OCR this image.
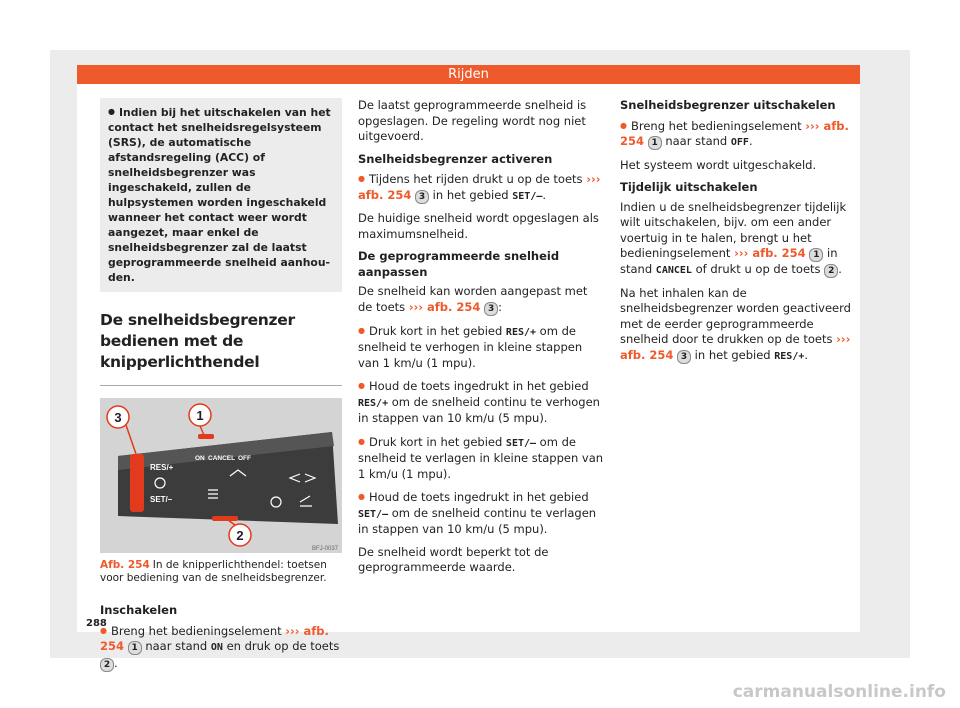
Rijden
● Indien bij het uitschakelen van het contact het snelheidsregelsysteem (SRS), de automatische afstandsregeling (ACC) of snelheidsbegrenzer was ingeschakeld, zullen de hulpsystemen worden ingeschakeld wanneer het contact weer wordt aangezet, maar enkel de snelheidsbegrenzer zal de laatst geprogrammeerde snelheid aanhouden.
De snelheidsbegrenzer bedienen met de knipperlichthendel
RES/+
SET/–
ON CANCEL OFF
3	1
2
BFJ-0037
Afb. 254 In de knipperlichthendel: toetsen voor bediening van de snelheidsbegrenzer.
Inschakelen

● Breng het bedieningselement ››› afb. 254 1 naar stand ON en druk op de toets 2 .

De laatst geprogrammeerde snelheid is opgeslagen. De regeling wordt nog niet uitgevoerd.

Snelheidsbegrenzer activeren

● Tijdens het rijden drukt u op de toets ››› afb. 254 3 in het gebied SET/–.

De huidige snelheid wordt opgeslagen als maximumsnelheid.

De geprogrammeerde snelheid aanpassen

De snelheid kan worden aangepast met de toets ››› afb. 254 3 :

● Druk kort in het gebied RES/+ om de snelheid te verhogen in kleine stappen van 1 km/u (1 mpu).

● Houd de toets ingedrukt in het gebied RES/+ om de snelheid continu te verhogen in stappen van 10 km/u (5 mpu).

● Druk kort in het gebied SET/– om de snelheid te verlagen in kleine stappen van 1 km/u (1 mpu).

● Houd de toets ingedrukt in het gebied SET/– om de snelheid continu te verlagen in stappen van 10 km/u (5 mpu).

De snelheid wordt beperkt tot de geprogrammeerde waarde.

Snelheidsbegrenzer uitschakelen

● Breng het bedieningselement ››› afb. 254 1 naar stand OFF.

Het systeem wordt uitgeschakeld.

Tijdelijk uitschakelen

Indien u de snelheidsbegrenzer tijdelijk wilt uitschakelen, bijv. om een ander voertuig in te halen, brengt u het bedieningselement ››› afb. 254 1 in stand CANCEL of drukt u op de toets 2 .

Na het inhalen kan de snelheidsbegrenzer worden geactiveerd met de eerder geprogrammeerde snelheid door te drukken op de toets ››› afb. 254 3 in het gebied RES/+.

288
carmanualsonline.info
